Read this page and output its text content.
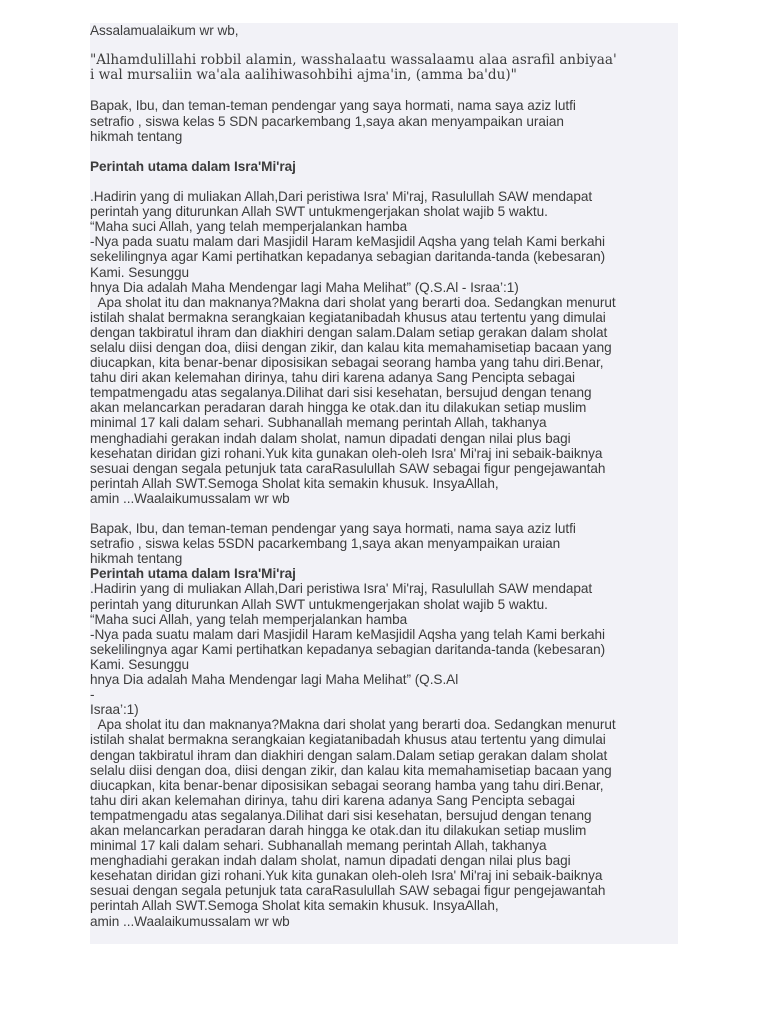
Assalamualaikum wr wb,

"Alhamdulillahi robbil alamin, wasshalaatu wassalaamu alaa asrafil anbiyaa'
i wal mursaliin wa'ala aalihiwasohbihi ajma'in, (amma ba'du)"

Bapak, Ibu, dan teman-teman pendengar yang saya hormati, nama saya aziz lutfi
setrafio , siswa kelas 5 SDN pacarkembang 1,saya akan menyampaikan uraian
hikmah tentang

Perintah utama dalam Isra'Mi'raj

.Hadirin yang di muliakan Allah,Dari peristiwa Isra' Mi'raj, Rasulullah SAW mendapat
perintah yang diturunkan Allah SWT untukmengerjakan sholat wajib 5 waktu.
“Maha suci Allah, yang telah memperjalankan hamba
-Nya pada suatu malam dari Masjidil Haram keMasjidil Aqsha yang telah Kami berkahi
sekelilingnya agar Kami pertihatkan kepadanya sebagian daritanda-tanda (kebesaran)
Kami. Sesunggu
hnya Dia adalah Maha Mendengar lagi Maha Melihat” (Q.S.Al - Israa’:1)

Apa sholat itu dan maknanya?Makna dari sholat yang berarti doa. Sedangkan menurut
istilah shalat bermakna serangkaian kegiatanibadah khusus atau tertentu yang dimulai
dengan takbiratul ihram dan diakhiri dengan salam.Dalam setiap gerakan dalam sholat
selalu diisi dengan doa, diisi dengan zikir, dan kalau kita memahamisetiap bacaan yang
diucapkan, kita benar-benar diposisikan sebagai seorang hamba yang tahu diri.Benar,
tahu diri akan kelemahan dirinya, tahu diri karena adanya Sang Pencipta sebagai
tempatmengadu atas segalanya.Dilihat dari sisi kesehatan, bersujud dengan tenang
akan melancarkan peradaran darah hingga ke otak.dan itu dilakukan setiap muslim
minimal 17 kali dalam sehari. Subhanallah memang perintah Allah, takhanya
menghadiahi gerakan indah dalam sholat, namun dipadati dengan nilai plus bagi
kesehatan diridan gizi rohani.Yuk kita gunakan oleh-oleh Isra' Mi'raj ini sebaik-baiknya
sesuai dengan segala petunjuk tata caraRasulullah SAW sebagai figur pengejawantah
perintah Allah SWT.Semoga Sholat kita semakin khusuk. InsyaAllah,
amin ...Waalaikumussalam wr wb

Bapak, Ibu, dan teman-teman pendengar yang saya hormati, nama saya aziz lutfi
setrafio , siswa kelas 5SDN pacarkembang 1,saya akan menyampaikan uraian
hikmah tentang

Perintah utama dalam Isra'Mi'raj

.Hadirin yang di muliakan Allah,Dari peristiwa Isra' Mi'raj, Rasulullah SAW mendapat
perintah yang diturunkan Allah SWT untukmengerjakan sholat wajib 5 waktu.
“Maha suci Allah, yang telah memperjalankan hamba
-Nya pada suatu malam dari Masjidil Haram keMasjidil Aqsha yang telah Kami berkahi
sekelilingnya agar Kami pertihatkan kepadanya sebagian daritanda-tanda (kebesaran)
Kami. Sesunggu
hnya Dia adalah Maha Mendengar lagi Maha Melihat” (Q.S.Al
-
Israa’:1)

Apa sholat itu dan maknanya?Makna dari sholat yang berarti doa. Sedangkan menurut
istilah shalat bermakna serangkaian kegiatanibadah khusus atau tertentu yang dimulai
dengan takbiratul ihram dan diakhiri dengan salam.Dalam setiap gerakan dalam sholat
selalu diisi dengan doa, diisi dengan zikir, dan kalau kita memahamisetiap bacaan yang
diucapkan, kita benar-benar diposisikan sebagai seorang hamba yang tahu diri.Benar,
tahu diri akan kelemahan dirinya, tahu diri karena adanya Sang Pencipta sebagai
tempatmengadu atas segalanya.Dilihat dari sisi kesehatan, bersujud dengan tenang
akan melancarkan peradaran darah hingga ke otak.dan itu dilakukan setiap muslim
minimal 17 kali dalam sehari. Subhanallah memang perintah Allah, takhanya
menghadiahi gerakan indah dalam sholat, namun dipadati dengan nilai plus bagi
kesehatan diridan gizi rohani.Yuk kita gunakan oleh-oleh Isra' Mi'raj ini sebaik-baiknya
sesuai dengan segala petunjuk tata caraRasulullah SAW sebagai figur pengejawantah
perintah Allah SWT.Semoga Sholat kita semakin khusuk. InsyaAllah,
amin ...Waalaikumussalam wr wb
